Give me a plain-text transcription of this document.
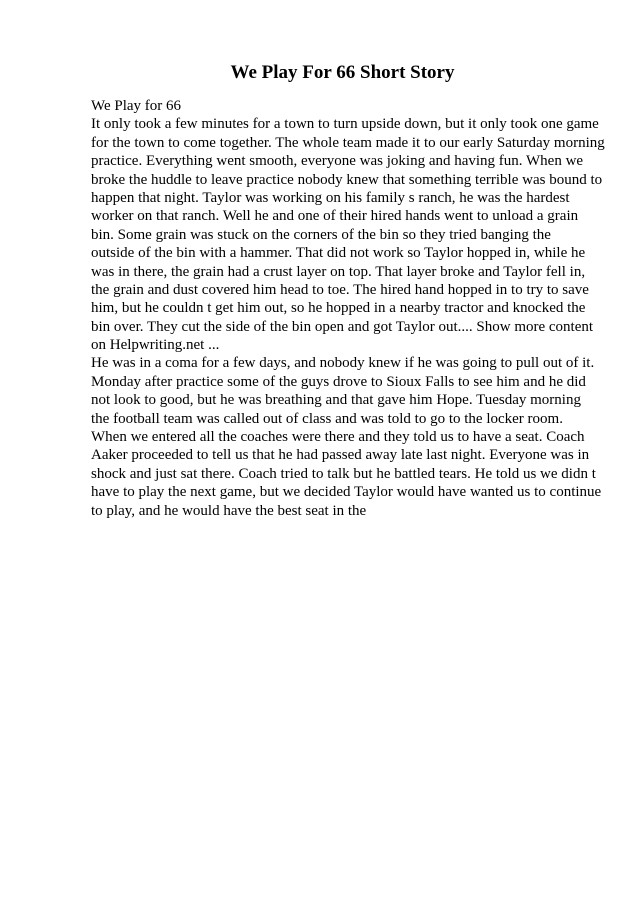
We Play For 66 Short Story
We Play for 66
It only took a few minutes for a town to turn upside down, but it only took one game
for the town to come together. The whole team made it to our early Saturday morning
practice. Everything went smooth, everyone was joking and having fun. When we
broke the huddle to leave practice nobody knew that something terrible was bound to
happen that night. Taylor was working on his family s ranch, he was the hardest
worker on that ranch. Well he and one of their hired hands went to unload a grain
bin. Some grain was stuck on the corners of the bin so they tried banging the
outside of the bin with a hammer. That did not work so Taylor hopped in, while he
was in there, the grain had a crust layer on top. That layer broke and Taylor fell in,
the grain and dust covered him head to toe. The hired hand hopped in to try to save
him, but he couldn t get him out, so he hopped in a nearby tractor and knocked the
bin over. They cut the side of the bin open and got Taylor out.... Show more content
on Helpwriting.net ...
He was in a coma for a few days, and nobody knew if he was going to pull out of it.
Monday after practice some of the guys drove to Sioux Falls to see him and he did
not look to good, but he was breathing and that gave him Hope. Tuesday morning
the football team was called out of class and was told to go to the locker room.
When we entered all the coaches were there and they told us to have a seat. Coach
Aaker proceeded to tell us that he had passed away late last night. Everyone was in
shock and just sat there. Coach tried to talk but he battled tears. He told us we didn t
have to play the next game, but we decided Taylor would have wanted us to continue
to play, and he would have the best seat in the
